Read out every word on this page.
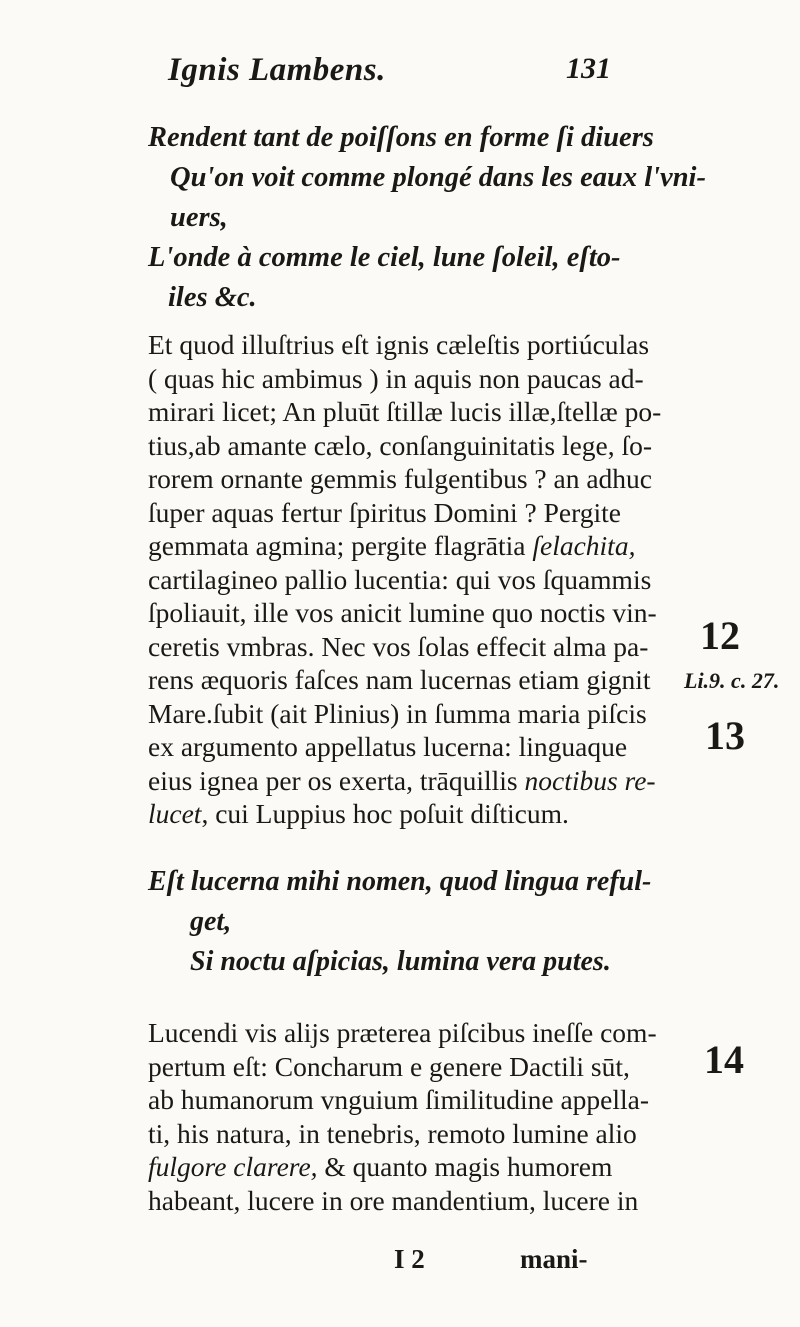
Ignis Lambens.	131
Rendent tant de poiſſons en forme ſi diuers
Qu'on voit comme plongé dans les eaux l'vni-
uers,
L'onde à comme le ciel, lune ſoleil, eſto-
iles &c.
Et quod illuſtrius eſt ignis cæleſtis portiúculas
( quas hic ambimus ) in aquis non paucas ad-
mirari licet; An pluūt ſtillæ lucis illæ,ſtellæ po-
tius,ab amante cælo, conſanguinitatis lege, ſo-
rorem ornante gemmis fulgentibus ? an adhuc
ſuper aquas fertur ſpiritus Domini ? Pergite
gemmata agmina; pergite flagrātia ſelachita,
cartilagineo pallio lucentia: qui vos ſquammis
ſpoliauit, ille vos anicit lumine quo noctis vin-
ceretis vmbras. Nec vos ſolas effecit alma pa-
rens æquoris faſces nam lucernas etiam gignit
Mare.ſubit (ait Plinius) in ſumma maria piſcis
ex argumento appellatus lucerna: linguaque
eius ignea per os exerta, trāquillis noctibus re-
lucet, cui Luppius hoc poſuit diſticum.
Eſt lucerna mihi nomen, quod lingua reful-
get,
Si noctu aſpicias, lumina vera putes.
Lucendi vis alijs præterea piſcibus ineſſe com-
pertum eſt: Concharum e genere Dactili sūt,
ab humanorum vnguium ſimilitudine appella-
ti, his natura, in tenebris, remoto lumine alio
fulgore clarere, & quanto magis humorem
habeant, lucere in ore mandentium, lucere in
I 2	mani-
12
Li.9. c. 27.
13
14
